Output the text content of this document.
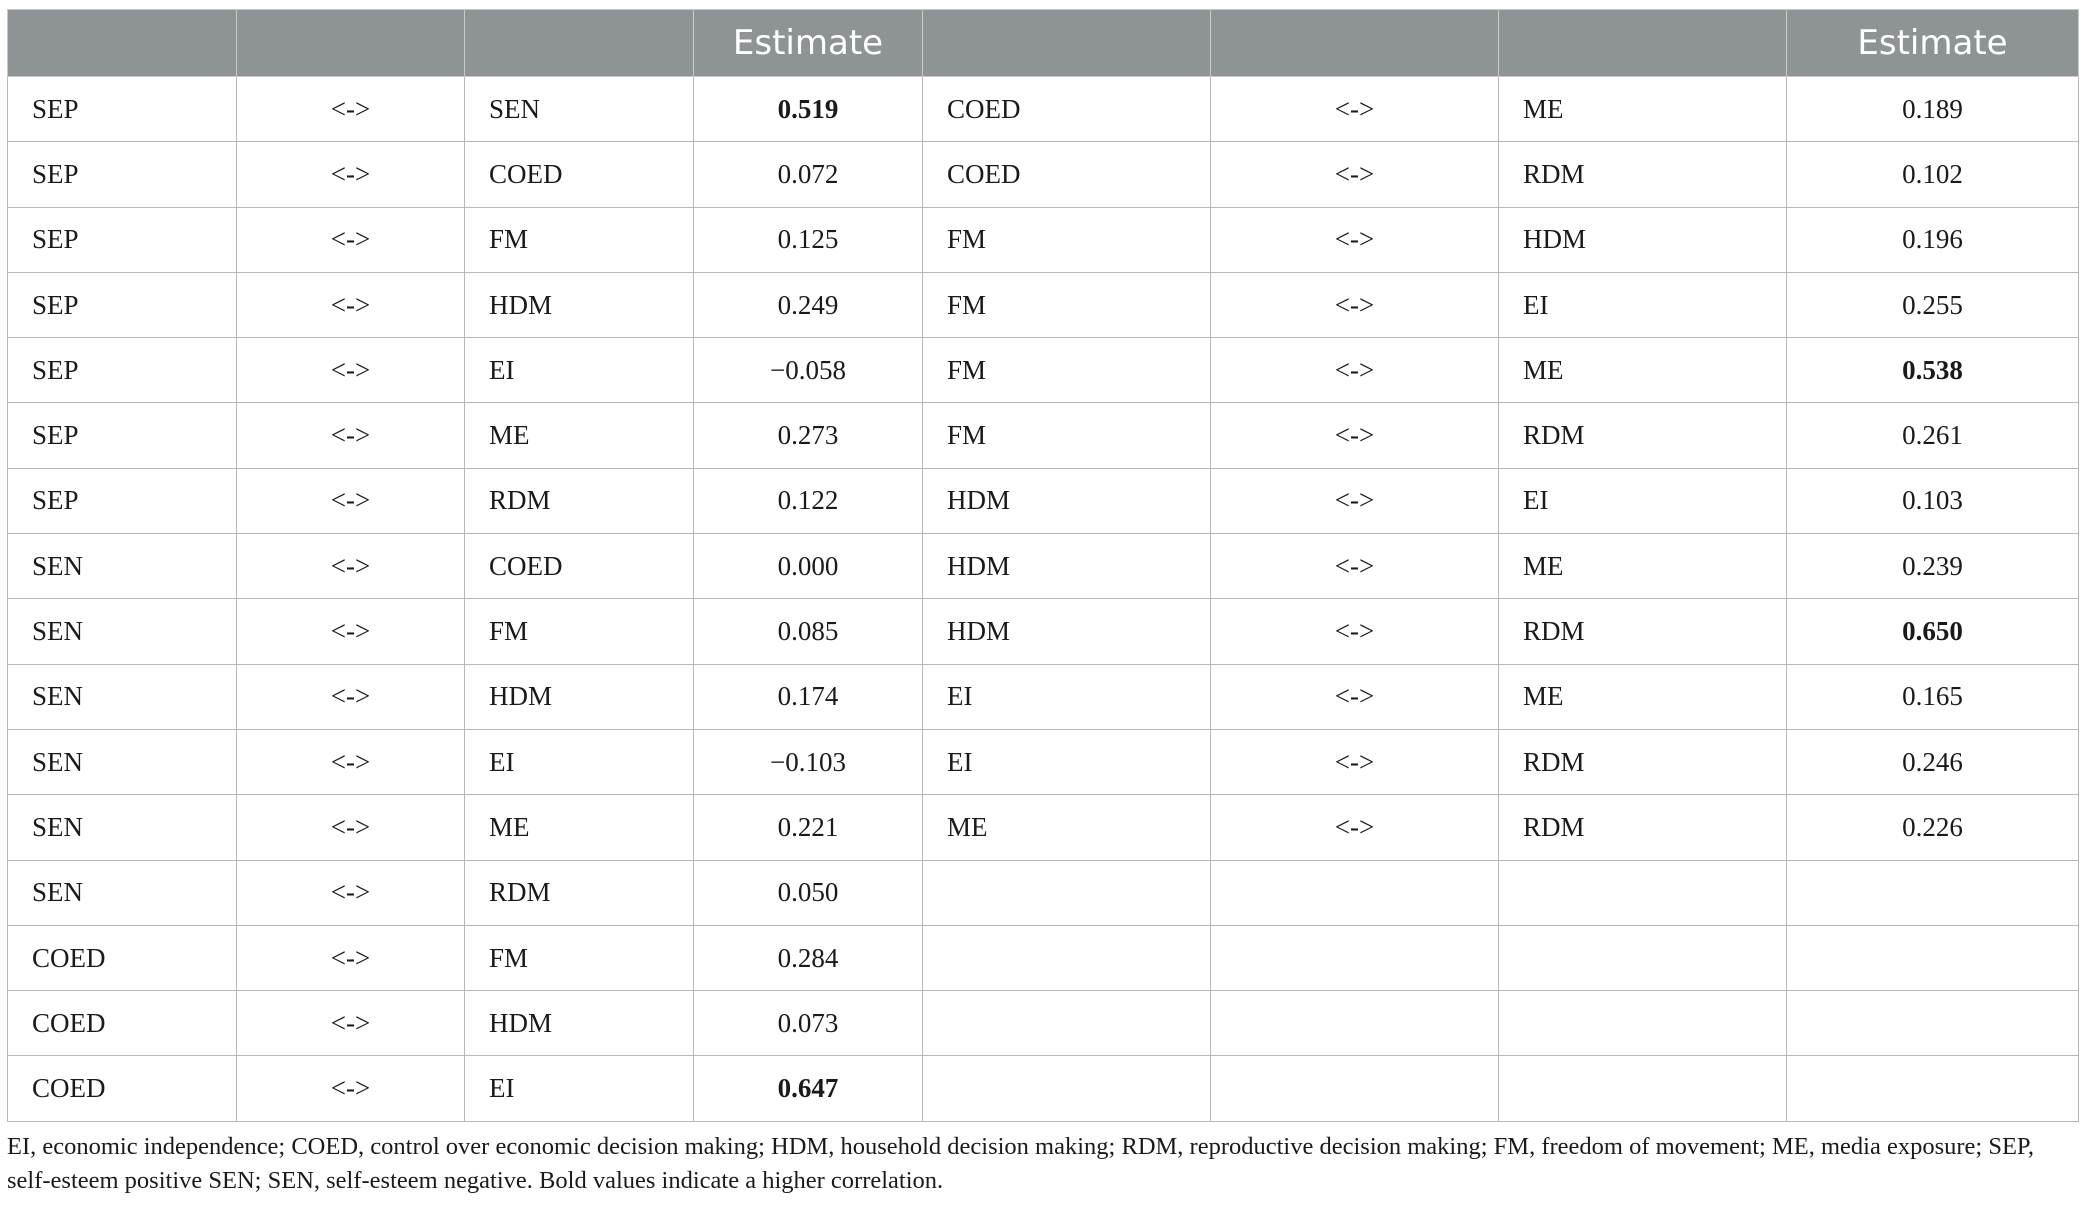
			Estimate				Estimate
SEP	<->	SEN	0.519	COED	<->	ME	0.189
SEP	<->	COED	0.072	COED	<->	RDM	0.102
SEP	<->	FM	0.125	FM	<->	HDM	0.196
SEP	<->	HDM	0.249	FM	<->	EI	0.255
SEP	<->	EI	−0.058	FM	<->	ME	0.538
SEP	<->	ME	0.273	FM	<->	RDM	0.261
SEP	<->	RDM	0.122	HDM	<->	EI	0.103
SEN	<->	COED	0.000	HDM	<->	ME	0.239
SEN	<->	FM	0.085	HDM	<->	RDM	0.650
SEN	<->	HDM	0.174	EI	<->	ME	0.165
SEN	<->	EI	−0.103	EI	<->	RDM	0.246
SEN	<->	ME	0.221	ME	<->	RDM	0.226
SEN	<->	RDM	0.050				
COED	<->	FM	0.284				
COED	<->	HDM	0.073				
COED	<->	EI	0.647				
EI, economic independence; COED, control over economic decision making; HDM, household decision making; RDM, reproductive decision making; FM, freedom of movement; ME, media exposure; SEP, self-esteem positive SEN; SEN, self-esteem negative. Bold values indicate a higher correlation.
